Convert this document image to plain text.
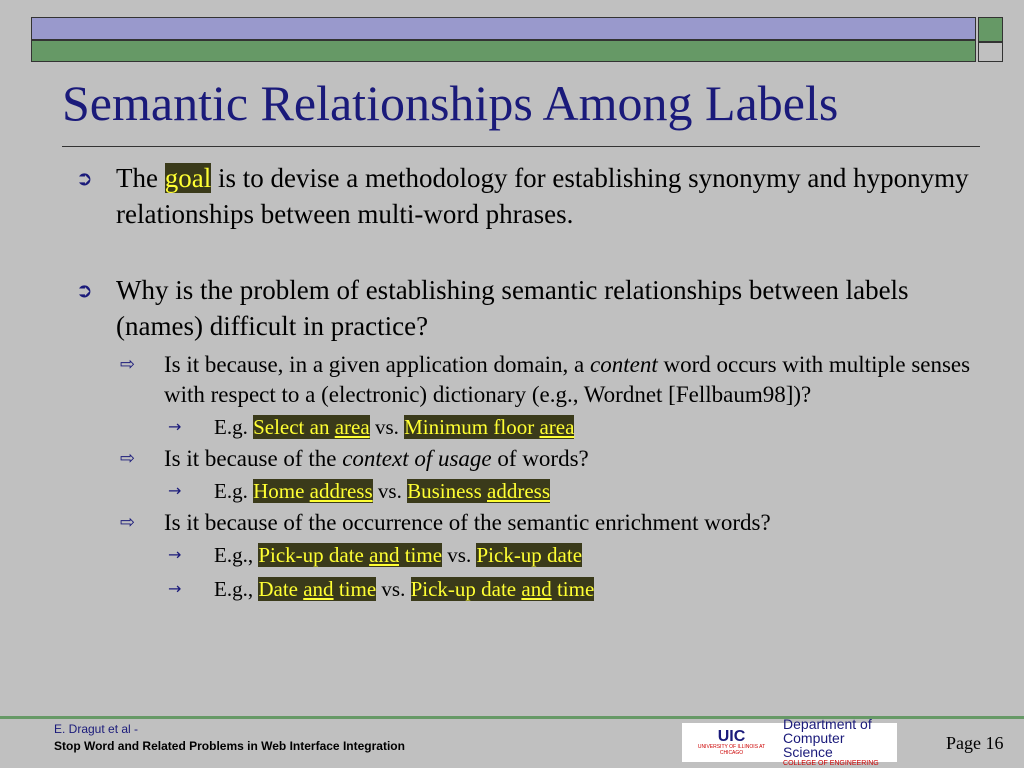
Semantic Relationships Among Labels
➲ The goal is to devise a methodology for establishing synonymy and hyponymy relationships between multi-word phrases.
➲ Why is the problem of establishing semantic relationships between labels (names) difficult in practice?
⇨ Is it because, in a given application domain, a content word occurs with multiple senses with respect to a (electronic) dictionary (e.g., Wordnet [Fellbaum98])?
→ E.g. Select an area vs. Minimum floor area
⇨ Is it because of the context of usage of words?
→ E.g. Home address vs. Business address
⇨ Is it because of the occurrence of the semantic enrichment words?
→ E.g., Pick-up date and time vs. Pick-up date
→ E.g., Date and time vs. Pick-up date and time
E. Dragut et al -
Stop Word and Related Problems in Web Interface Integration
UIC
UNIVERSITY OF ILLINOIS AT CHICAGO
Department of
Computer Science
COLLEGE OF ENGINEERING
Page 16
